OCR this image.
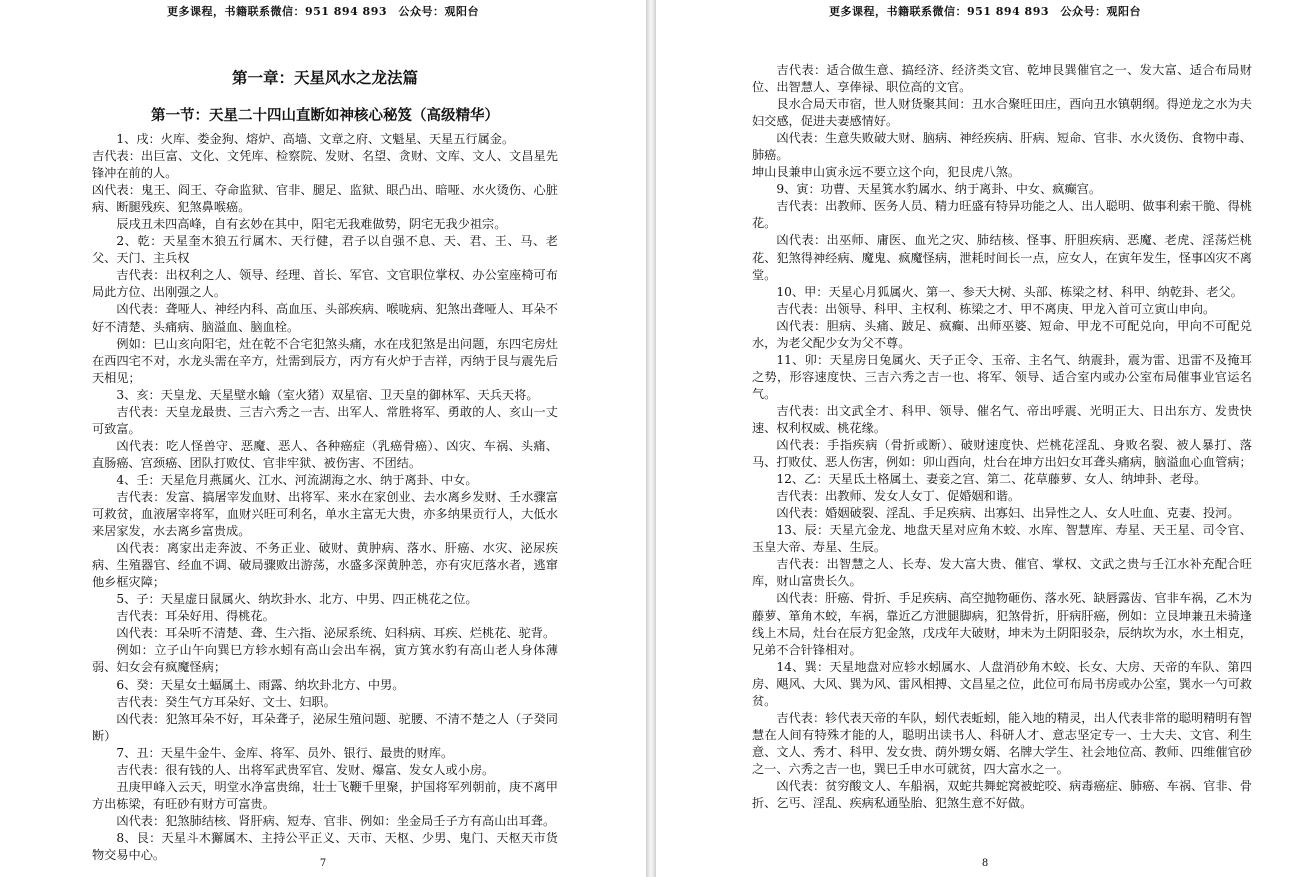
更多课程，书籍联系微信：951 894 893　公众号：观阳台
第一章：天星风水之龙法篇
第一节：天星二十四山直断如神核心秘笈（高级精华）

1、戌：火库、娄金狗、熔炉、高墙、文章之府、文魁星、天星五行属金。

吉代表：出巨富、文化、文凭库、检察院、发财、名望、贪财、文库、文人、文昌星先锋冲在前的人。

凶代表：鬼王、阎王、夺命监狱、官非、腿足、监狱、眼凸出、暗哑、水火烫伤、心脏病、断腿残疾、犯煞鼻喉癌。

辰戌丑未四高峰，自有玄妙在其中，阳宅无我难做势，阴宅无我少祖宗。

2、乾：天星奎木狼五行属木、天行健，君子以自强不息、天、君、王、马、老父、天门、主兵权

吉代表：出权利之人、领导、经理、首长、军官、文官职位掌权、办公室座椅可布局此方位、出刚强之人。

凶代表：聋哑人、神经内科、高血压、头部疾病、喉咙病、犯煞出聋哑人、耳朵不好不清楚、头痛病、脑溢血、脑血栓。

例如：巳山亥向阳宅，灶在乾不合宅犯煞头痛，水在戌犯煞是出问题，东四宅房灶在西四宅不对，水龙头需在辛方，灶需到辰方，丙方有火炉于吉祥，丙纳于艮与震先后天相见；

3、亥：天皇龙、天星壁水蝓（室火猪）双星宿、卫天皇的御林军、天兵天将。

吉代表：天皇龙最贵、三吉六秀之一吉、出军人、常胜将军、勇敢的人、亥山一丈可致富。

凶代表：吃人怪兽守、恶魔、恶人、各种癌症（乳癌骨癌）、凶灾、车祸、头痛、直肠癌、宫颈癌、团队打败仗、官非牢狱、被伤害、不团结。

4、壬：天星危月燕属火、江水、河流湖海之水、纳于离卦、中女。

吉代表：发富、搞屠宰发血财、出将军、来水在家创业、去水离乡发财、壬水骤富可救贫，血液屠宰将军，血财兴旺可利名，单水主富无大贵，亦多纳果贡行人，大低水来居家发，水去离乡富贵成。

凶代表：离家出走奔波、不务正业、破财、黄肿病、落水、肝癌、水灾、泌尿疾病、生殖器官、经血不调、破局骤败出游荡，水盛多深黄肿恙，亦有灾厄落水者，逃窜他乡框灾障；

5、子：天星虚日鼠属火、纳坎卦水、北方、中男、四正桃花之位。

吉代表：耳朵好用、得桃花。

凶代表：耳朵听不清楚、聋、生六指、泌尿系统、妇科病、耳疾、烂桃花、驼背。

例如：立子山午向巽巳方轸水蚓有高山会出车祸，寅方箕水豹有高山老人身体薄弱、妇女会有疯魔怪病；

6、癸：天星女土蝠属土、雨露、纳坎卦北方、中男。

吉代表：癸生气方耳朵好、文士、妇职。

凶代表：犯煞耳朵不好，耳朵聋子，泌尿生殖问题、驼腰、不清不楚之人（子癸同断）

7、丑：天星牛金牛、金库、将军、员外、银行、最贵的财库。

吉代表：很有钱的人、出将军武贵军官、发财、爆富、发女人或小房。

丑庚甲峰入云天，明堂水净富贵绵，壮士飞鞭千里聚，护国将军列朝前，庚不离甲方出栋梁，有旺砂有财方可富贵。

凶代表：犯煞肺结核、肾肝病、短寿、官非、例如：坐金局壬子方有高山出耳聋。

8、艮：天星斗木獬属木、主持公平正义、天市、天枢、少男、鬼门、天枢天市货物交易中心。

7
更多课程，书籍联系微信：951 894 893　公众号：观阳台

吉代表：适合做生意、搞经济、经济类文官、乾坤艮巽催官之一、发大富、适合布局财位、出智慧人、享俸禄、职位高的文官。

艮水合局天市宿，世人财货聚其间：丑水合聚旺田庄，酉向丑水镇朝纲。得逆龙之水为夫妇交感，促进夫妻感情好。

凶代表：生意失败破大财、脑病、神经疾病、肝病、短命、官非、水火烫伤、食物中毒、肺癌。

坤山艮兼申山寅永远不要立这个向，犯艮虎八煞。

9、寅：功曹、天星箕水豹属水、纳于离卦、中女、疯癫宫。

吉代表：出教师、医务人员、精力旺盛有特异功能之人、出人聪明、做事利索干脆、得桃花。

凶代表：出巫师、庸医、血光之灾、肺结核、怪事、肝胆疾病、恶魔、老虎、淫荡烂桃花、犯煞得神经病、魔鬼、疯魔怪病，泄耗时间长一点，应女人，在寅年发生，怪事凶灾不离堂。

10、甲：天星心月狐属火、第一、参天大树、头部、栋梁之材、科甲、纳乾卦、老父。

吉代表：出领导、科甲、主权利、栋梁之才、甲不离庚、甲龙入首可立寅山申向。

凶代表：胆病、头痛、跛足、疯癫、出师巫婆、短命、甲龙不可配兑向，甲向不可配兑水，为老父配少女为父不尊。

11、卯：天星房日兔属火、天子正令、玉帝、主名气、纳震卦，震为雷、迅雷不及掩耳之势，形容速度快、三吉六秀之吉一也、将军、领导、适合室内或办公室布局催事业官运名气。

吉代表：出文武全才、科甲、领导、催名气、帝出呼震、光明正大、日出东方、发贵快速、权利权威、桃花缘。

凶代表：手指疾病（骨折或断）、破财速度快、烂桃花淫乱、身败名裂、被人暴打、落马、打败仗、恶人伤害，例如：卯山酉向，灶台在坤方出妇女耳聋头痛病，脑溢血心血管病；

12、乙：天星氐土格属土、妻妾之宫、第二、花草藤萝、女人、纳坤卦、老母。

吉代表：出教师、发女人女丁、促婚姻和谐。

凶代表：婚姻破裂、淫乱、手足疾病、出寡妇、出异性之人、女人吐血、克妻、投河。

13、辰：天星亢金龙、地盘天星对应角木蛟、水库、智慧库、寿星、天王星、司令官、玉皇大帝、寿星、生辰。

吉代表：出智慧之人、长寿、发大富大贵、催官、掌权、文武之贵与壬江水补充配合旺库，财山富贵长久。

凶代表：肝癌、骨折、手足疾病、高空抛物砸伤、落水死、缺唇露齿、官非车祸，乙木为藤萝、箪角木蛟，车祸，靠近乙方泄腿脚病，犯煞骨折，肝病肝癌，例如：立艮坤兼丑未骑逢线上木局，灶台在辰方犯金煞，戊戌年大破财，坤未为土阴阳驳杂，辰纳坎为水，水土相克，兄弟不合针锋相对。

14、巽：天星地盘对应轸水蚓属水、人盘消砂角木蛟、长女、大房、天帝的车队、第四房、飓风、大风、巽为风、雷风相搏、文昌星之位，此位可布局书房或办公室，巽水一勺可救贫。

吉代表：轸代表天帝的车队，蚓代表蚯蚓，能入地的精灵，出人代表非常的聪明精明有智慧在人间有特殊才能的人，聪明出读书人、科研人才、意志坚定专一、士大夫、文官、利生意、文人、秀才、科甲、发女贵、荫外甥女婿、名牌大学生、社会地位高、教师、四维催官砂之一、六秀之吉一也，巽巳壬申水可就贫，四大富水之一。

凶代表：贫穷酸文人、车船祸，双蛇共舞蛇窝被蛇咬、病毒癌症、肺癌、车祸、官非、骨折、乞丐、淫乱、疾病私通坠胎、犯煞生意不好做。

8
